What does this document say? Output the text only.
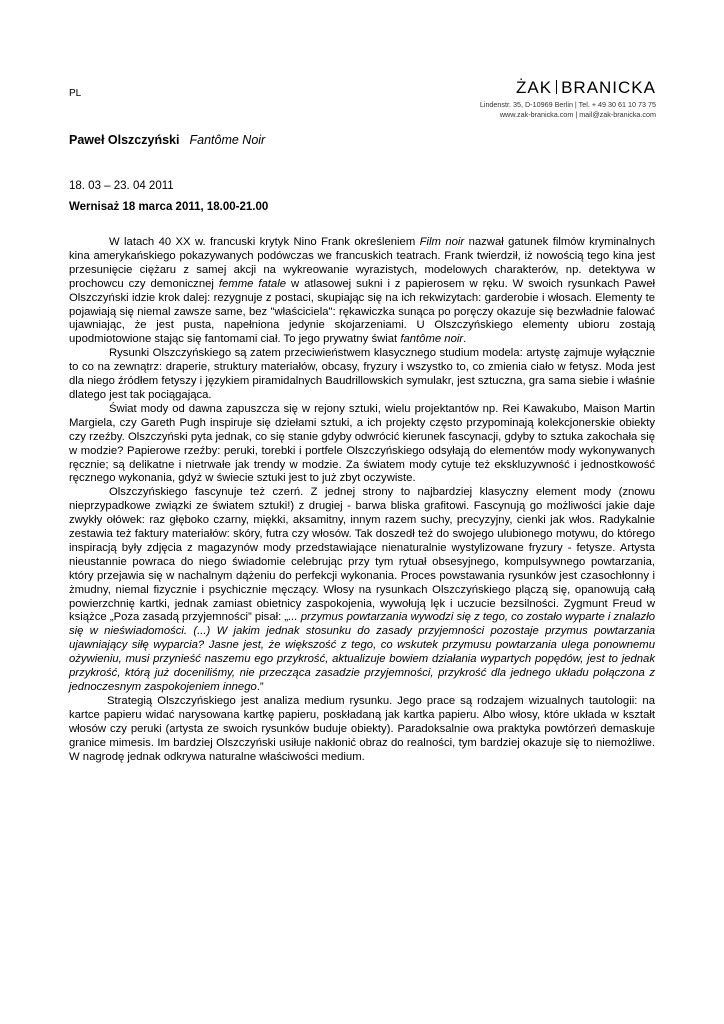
PL	ŻAK BRANICKA
Lindenstr. 35, D-10969 Berlin | Tel. + 49 30 61 10 73 75
www.zak-branicka.com | mail@zak-branicka.com
Paweł Olszczyński Fantôme Noir
18. 03 – 23. 04 2011
Wernisaż 18 marca 2011, 18.00-21.00

W latach 40 XX w. francuski krytyk Nino Frank określeniem Film noir nazwał gatunek filmów kryminalnych kina amerykańskiego pokazywanych podówczas we francuskich teatrach. Frank twierdził, iż nowością tego kina jest przesunięcie ciężaru z samej akcji na wykreowanie wyrazistych, modelowych charakterów, np. detektywa w prochowcu czy demonicznej femme fatale w atlasowej sukni i z papierosem w ręku. W swoich rysunkach Paweł Olszczyński idzie krok dalej: rezygnuje z postaci, skupiając się na ich rekwizytach: garderobie i włosach. Elementy te pojawiają się niemal zawsze same, bez "właściciela": rękawiczka sunąca po poręczy okazuje się bezwładnie falować ujawniając, że jest pusta, napełniona jedynie skojarzeniami. U Olszczyńskiego elementy ubioru zostają upodmiotowione stając się fantomami ciał. To jego prywatny świat fantôme noir.

Rysunki Olszczyńskiego są zatem przeciwieństwem klasycznego studium modela: artystę zajmuje wyłącznie to co na zewnątrz: draperie, struktury materiałów, obcasy, fryzury i wszystko to, co zmienia ciało w fetysz. Moda jest dla niego źródłem fetyszy i językiem piramidalnych Baudrillowskich symulakr, jest sztuczna, gra sama siebie i właśnie dlatego jest tak pociągająca.

Świat mody od dawna zapuszcza się w rejony sztuki, wielu projektantów np. Rei Kawakubo, Maison Martin Margiela, czy Gareth Pugh inspiruje się dziełami sztuki, a ich projekty często przypominają kolekcjonerskie obiekty czy rzeźby. Olszczyński pyta jednak, co się stanie gdyby odwrócić kierunek fascynacji, gdyby to sztuka zakochała się w modzie? Papierowe rzeźby: peruki, torebki i portfele Olszczyńskiego odsyłają do elementów mody wykonywanych ręcznie; są delikatne i nietrwałe jak trendy w modzie. Za światem mody cytuje też ekskluzywność i jednostkowość ręcznego wykonania, gdyż w świecie sztuki jest to już zbyt oczywiste.

Olszczyńskiego fascynuje też czerń. Z jednej strony to najbardziej klasyczny element mody (znowu nieprzypadkowe związki ze światem sztuki!) z drugiej - barwa bliska grafitowi. Fascynują go możliwości jakie daje zwykły ołówek: raz głęboko czarny, miękki, aksamitny, innym razem suchy, precyzyjny, cienki jak włos. Radykalnie zestawia też faktury materiałów: skóry, futra czy włosów. Tak doszedł też do swojego ulubionego motywu, do którego inspiracją były zdjęcia z magazynów mody przedstawiające nienaturalnie wystylizowane fryzury - fetysze. Artysta nieustannie powraca do niego świadomie celebrując przy tym rytuał obsesyjnego, kompulsywnego powtarzania, który przejawia się w nachalnym dążeniu do perfekcji wykonania. Proces powstawania rysunków jest czasochłonny i żmudny, niemal fizycznie i psychicznie męczący. Włosy na rysunkach Olszczyńskiego plączą się, opanowują całą powierzchnię kartki, jednak zamiast obietnicy zaspokojenia, wywołują lęk i uczucie bezsilności. Zygmunt Freud w książce „Poza zasadą przyjemności” pisał: „... przymus powtarzania wywodzi się z tego, co zostało wyparte i znalazło się w nieświadomości. (...) W jakim jednak stosunku do zasady przyjemności pozostaje przymus powtarzania ujawniający siłę wyparcia? Jasne jest, że większość z tego, co wskutek przymusu powtarzania ulega ponownemu ożywieniu, musi przynieść naszemu ego przykrość, aktualizuje bowiem działania wypartych popędów, jest to jednak przykrość, którą już doceniliśmy, nie przecząca zasadzie przyjemności, przykrość dla jednego układu połączona z jednoczesnym zaspokojeniem innego.”

Strategią Olszczyńskiego jest analiza medium rysunku. Jego prace są rodzajem wizualnych tautologii: na kartce papieru widać narysowana kartkę papieru, poskładaną jak kartka papieru. Albo włosy, które układa w kształt włosów czy peruki (artysta ze swoich rysunków buduje obiekty). Paradoksalnie owa praktyka powtórzeń demaskuje granice mimesis. Im bardziej Olszczyński usiłuje nakłonić obraz do realności, tym bardziej okazuje się to niemożliwe. W nagrodę jednak odkrywa naturalne właściwości medium.
